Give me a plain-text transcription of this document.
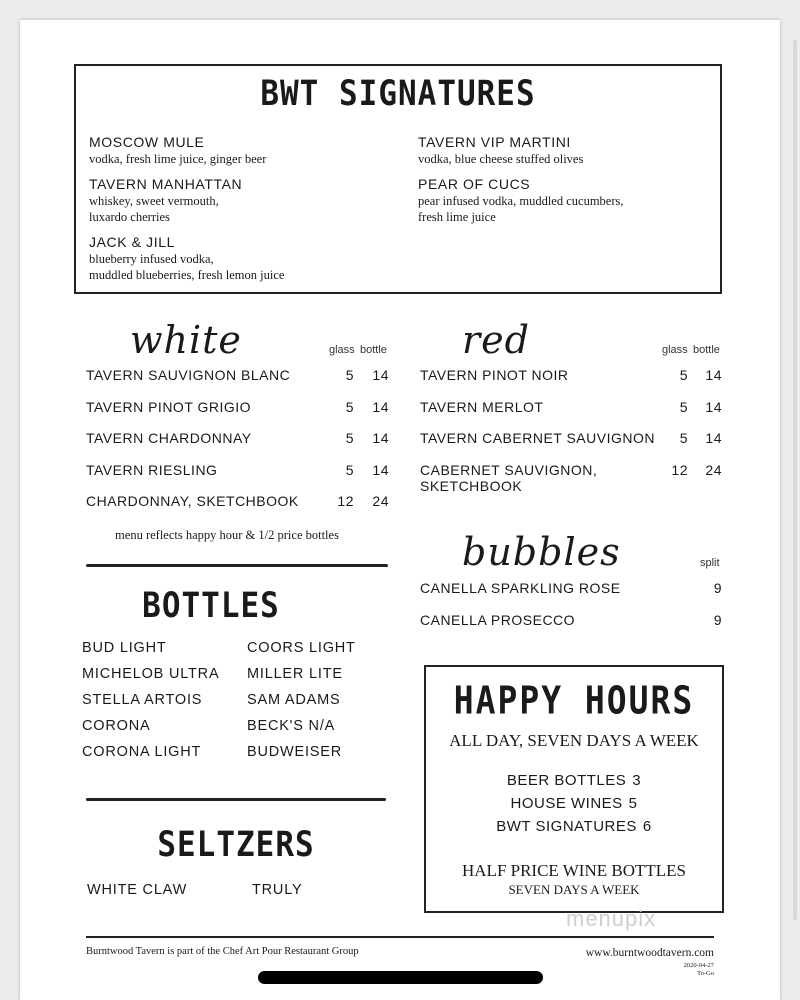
BWT SIGNATURES
MOSCOW MULE
vodka, fresh lime juice, ginger beer
TAVERN MANHATTAN
whiskey, sweet vermouth,
luxardo cherries
JACK & JILL
blueberry infused vodka,
muddled blueberries, fresh lemon juice
TAVERN VIP MARTINI
vodka, blue cheese stuffed olives
PEAR OF CUCS
pear infused vodka, muddled cucumbers,
fresh lime juice
white	glass bottle
TAVERN SAUVIGNON BLANC	5	14
TAVERN PINOT GRIGIO	5	14
TAVERN CHARDONNAY	5	14
TAVERN RIESLING	5	14
CHARDONNAY, SKETCHBOOK	12	24
menu reflects happy hour & 1/2 price bottles
red	glass bottle
TAVERN PINOT NOIR	5	14
TAVERN MERLOT	5	14
TAVERN CABERNET SAUVIGNON	5	14
CABERNET SAUVIGNON,
SKETCHBOOK
12	24
bubbles	split
CANELLA SPARKLING ROSE	9
CANELLA PROSECCO	9
BOTTLES
BUD LIGHT
MICHELOB ULTRA
STELLA ARTOIS
CORONA
CORONA LIGHT
COORS LIGHT
MILLER LITE
SAM ADAMS
BECK'S N/A
BUDWEISER
SELTZERS
WHITE CLAW	TRULY
HAPPY HOURS
ALL DAY, SEVEN DAYS A WEEK
BEER BOTTLES 3
HOUSE WINES 5
BWT SIGNATURES 6
HALF PRICE WINE BOTTLES
SEVEN DAYS A WEEK
menupix
Burntwood Tavern is part of the Chef Art Pour Restaurant Group	www.burntwoodtavern.com
2020-04-27
To-Go
